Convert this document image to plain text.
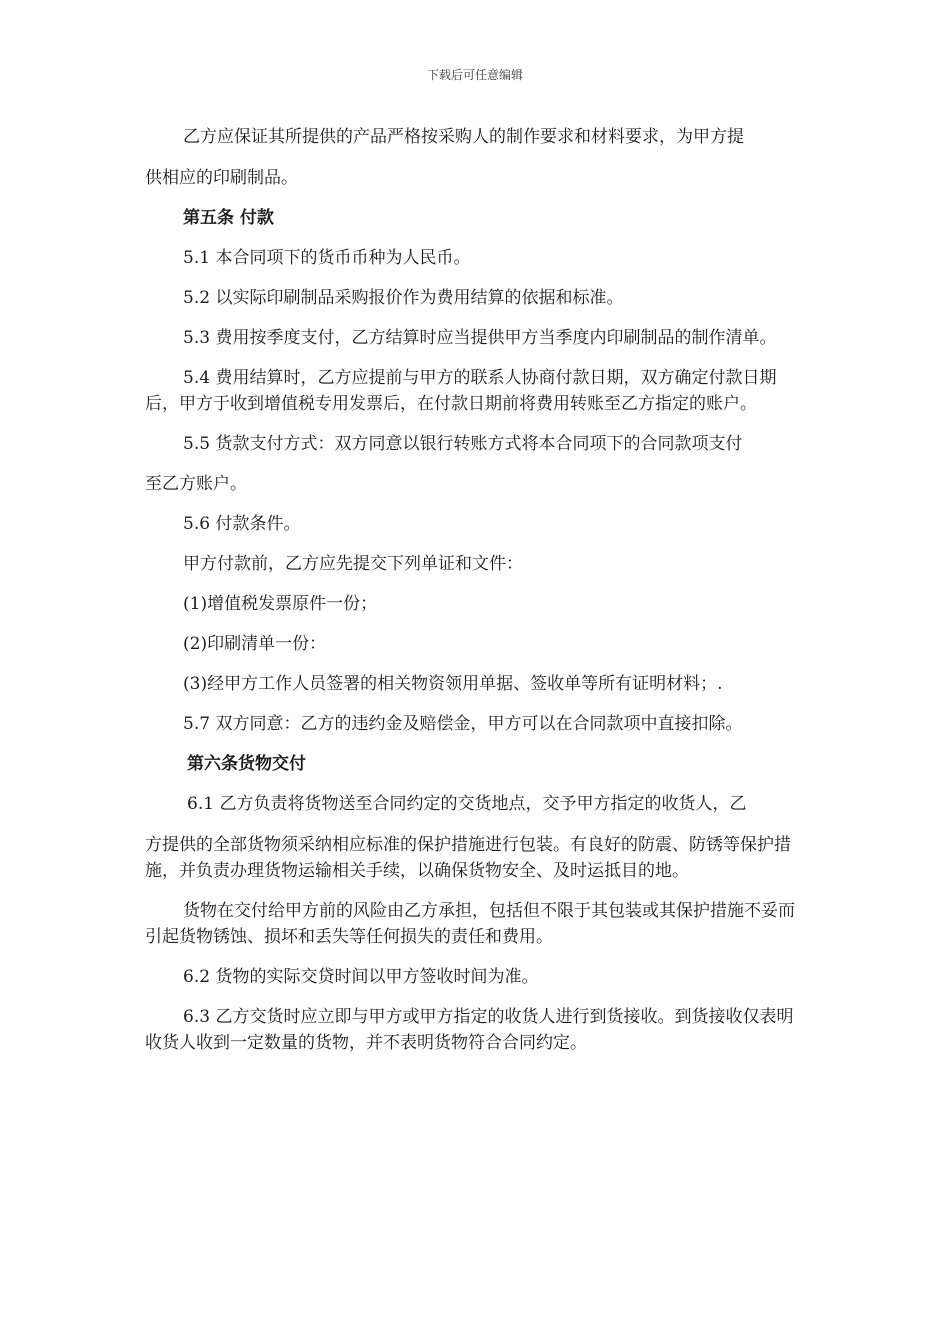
下载后可任意编辑

乙方应保证其所提供的产品严格按采购人的制作要求和材料要求，为甲方提

供相应的印刷制品。

第五条 付款

5.1 本合同项下的货币币种为人民币。

5.2 以实际印刷制品采购报价作为费用结算的依据和标准。

5.3 费用按季度支付，乙方结算时应当提供甲方当季度内印刷制品的制作清单。

5.4 费用结算时，乙方应提前与甲方的联系人协商付款日期，双方确定付款日期后，甲方于收到增值税专用发票后，在付款日期前将费用转账至乙方指定的账户。

5.5 货款支付方式：双方同意以银行转账方式将本合同项下的合同款项支付

至乙方账户。

5.6 付款条件。

甲方付款前，乙方应先提交下列单证和文件：

(1)增值税发票原件一份；

(2)印刷清单一份：

(3)经甲方工作人员签署的相关物资领用单据、签收单等所有证明材料；.

5.7 双方同意：乙方的违约金及赔偿金，甲方可以在合同款项中直接扣除。

第六条货物交付

6.1 乙方负责将货物送至合同约定的交货地点，交予甲方指定的收货人，乙

方提供的全部货物须采纳相应标准的保护措施进行包装。有良好的防震、防锈等保护措施，并负责办理货物运输相关手续，以确保货物安全、及时运抵目的地。

货物在交付给甲方前的风险由乙方承担，包括但不限于其包装或其保护措施不妥而引起货物锈蚀、损坏和丢失等任何损失的责任和费用。

6.2 货物的实际交贷时间以甲方签收时间为准。

6.3 乙方交货时应立即与甲方或甲方指定的收货人进行到货接收。到货接收仅表明收货人收到一定数量的货物，并不表明货物符合合同约定。
